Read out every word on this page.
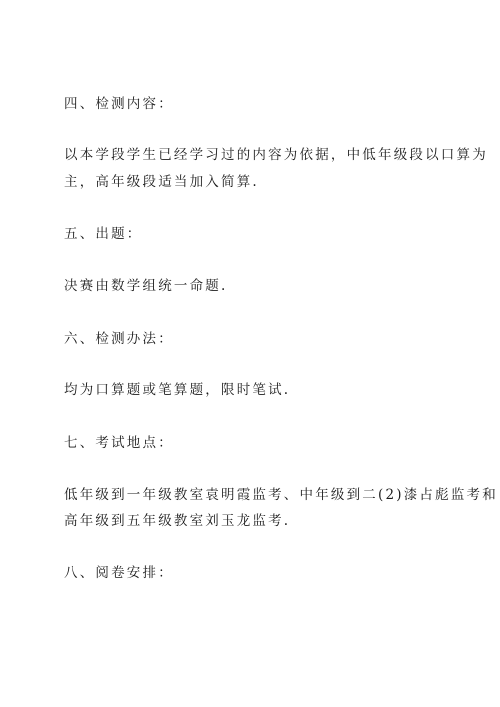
四、检测内容：
以本学段学生已经学习过的内容为依据，中低年级段以口算为
主，高年级段适当加入简算.
五、出题：
决赛由数学组统一命题.
六、检测办法：
均为口算题或笔算题，限时笔试.
七、考试地点：
低年级到一年级教室袁明霞监考、中年级到二(2)漆占彪监考和
高年级到五年级教室刘玉龙监考.
八、阅卷安排：
